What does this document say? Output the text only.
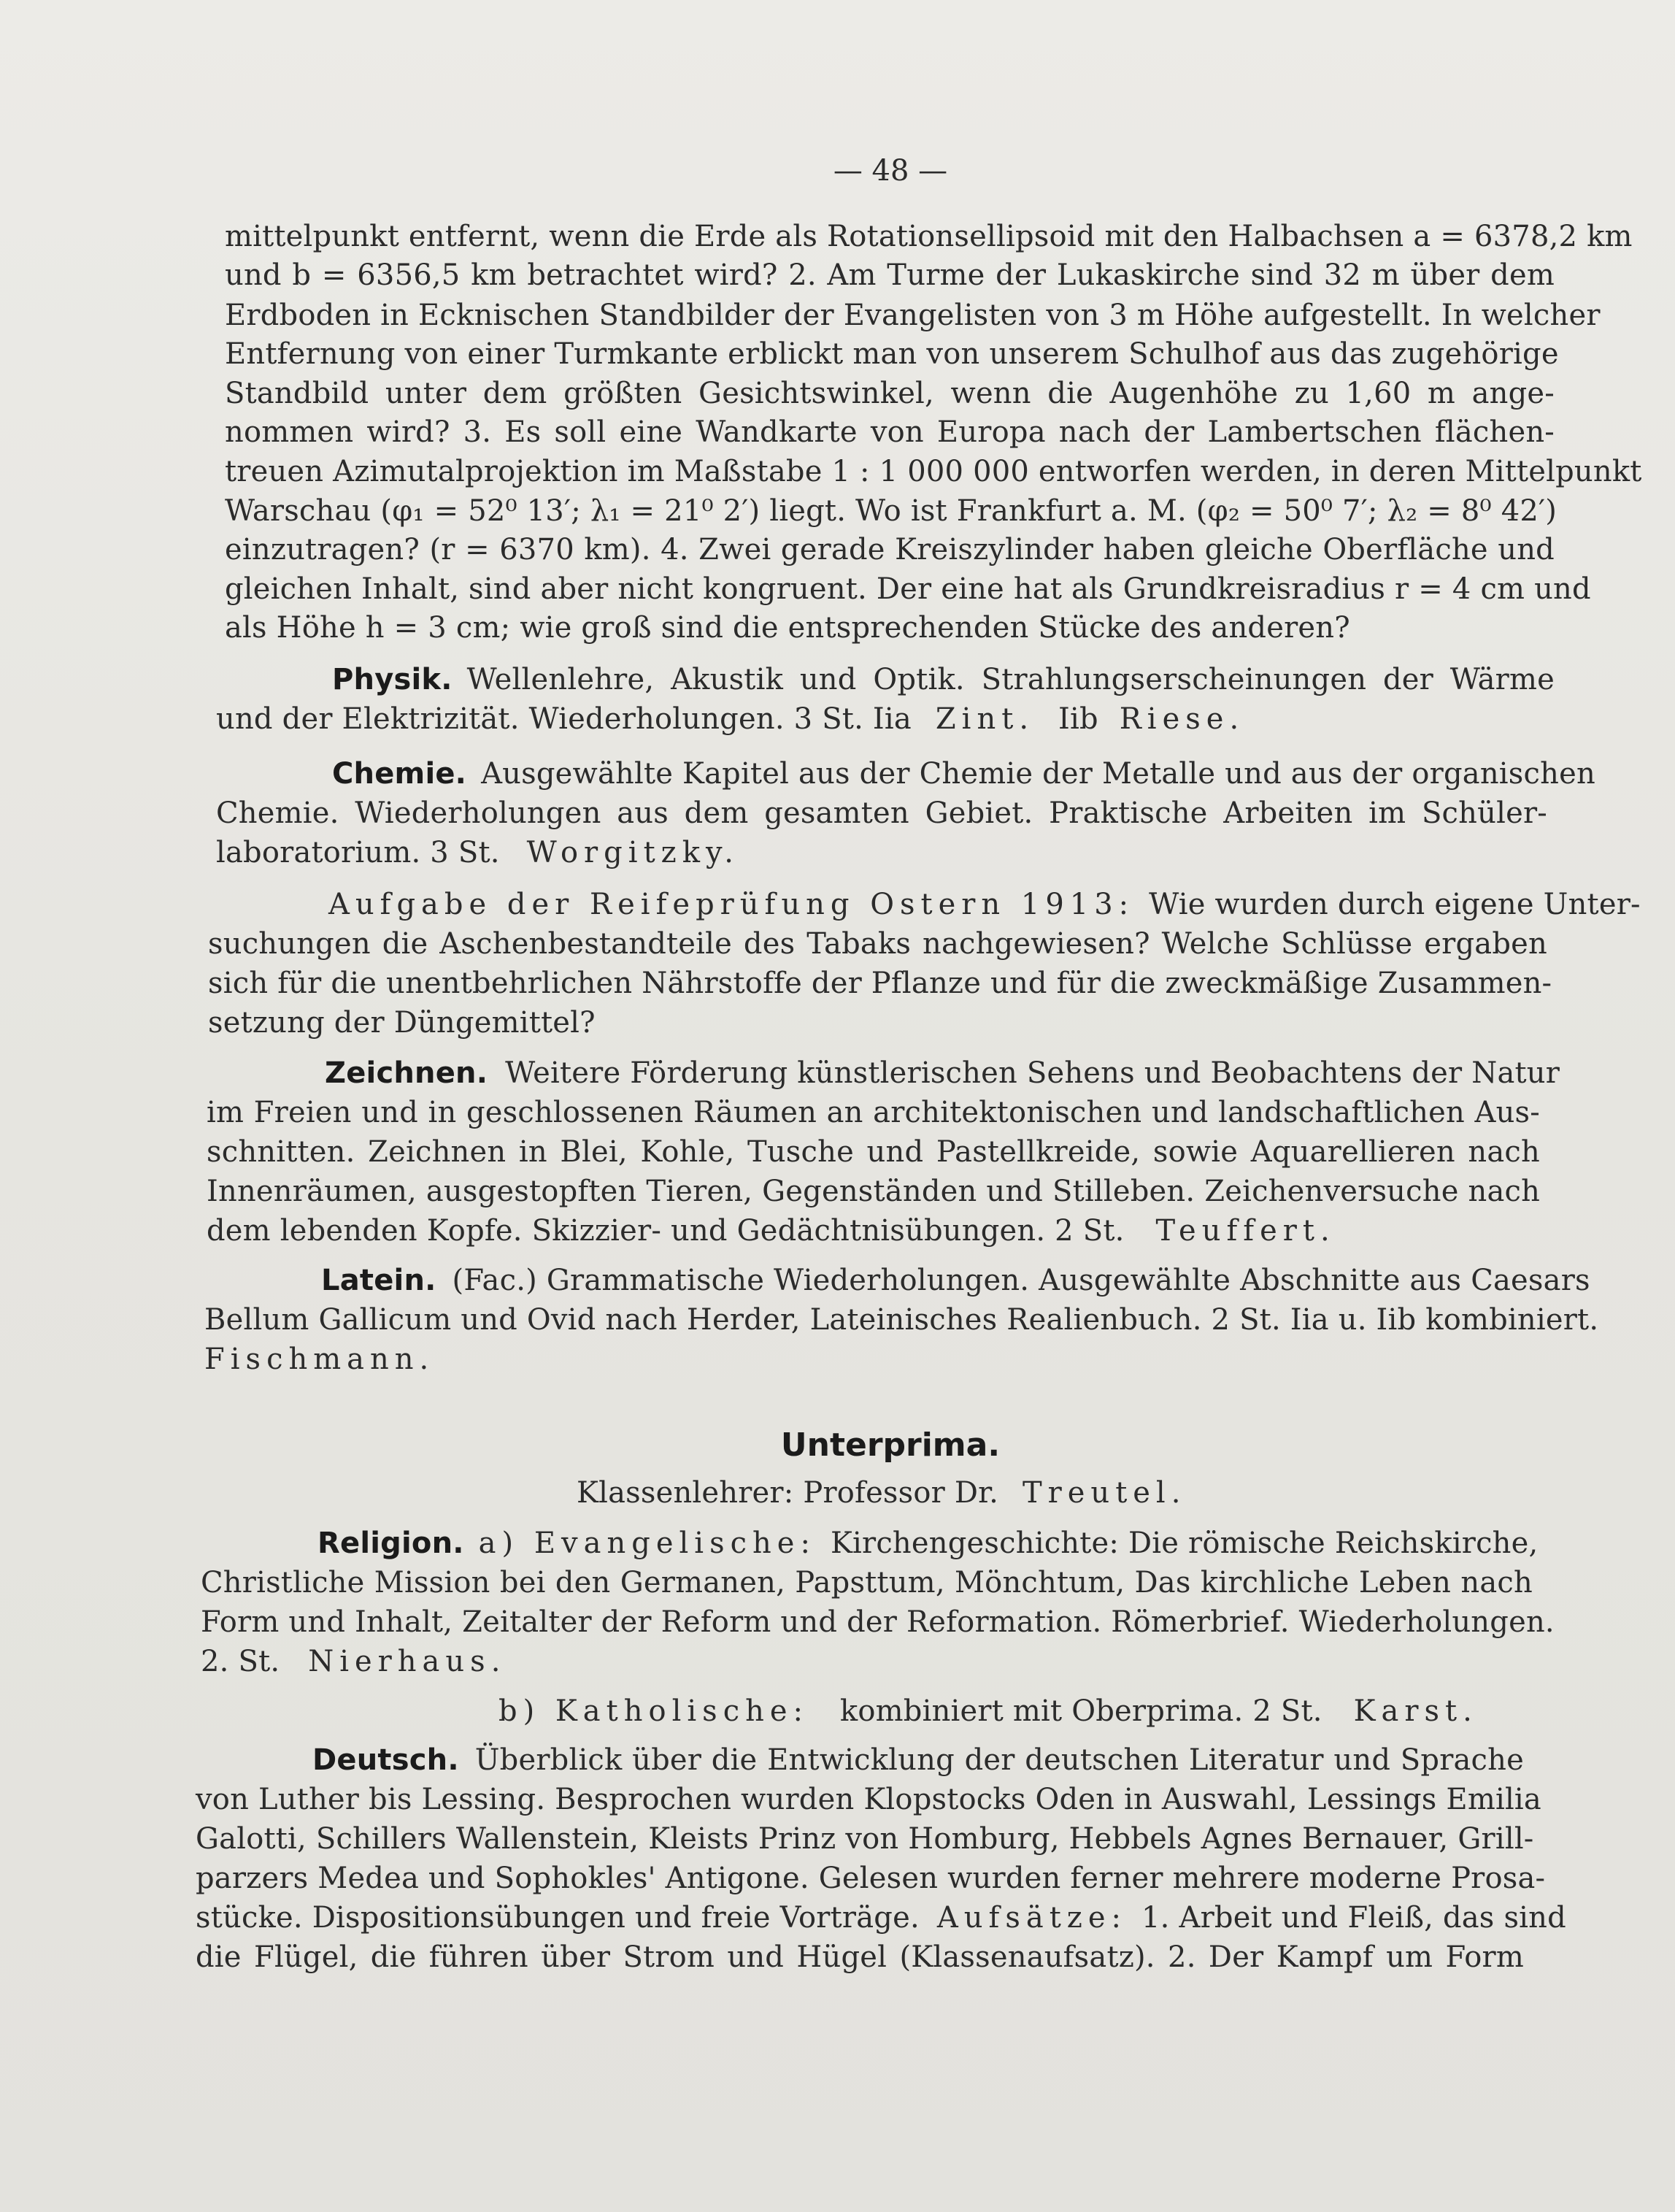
— 48 —
mittelpunkt entfernt, wenn die Erde als Rotationsellipsoid mit den Halbachsen a = 6378,2 km
und b = 6356,5 km betrachtet wird? 2. Am Turme der Lukaskirche sind 32 m über dem
Erdboden in Ecknischen Standbilder der Evangelisten von 3 m Höhe aufgestellt. In welcher
Entfernung von einer Turmkante erblickt man von unserem Schulhof aus das zugehörige
Standbild unter dem größten Gesichtswinkel, wenn die Augenhöhe zu 1,60 m ange-
nommen wird? 3. Es soll eine Wandkarte von Europa nach der Lambertschen flächen-
treuen Azimutalprojektion im Maßstabe 1 : 1 000 000 entworfen werden, in deren Mittelpunkt
Warschau (φ₁ = 52⁰ 13′; λ₁ = 21⁰ 2′) liegt. Wo ist Frankfurt a. M. (φ₂ = 50⁰ 7′; λ₂ = 8⁰ 42′)
einzutragen? (r = 6370 km). 4. Zwei gerade Kreiszylinder haben gleiche Oberfläche und
gleichen Inhalt, sind aber nicht kongruent. Der eine hat als Grundkreisradius r = 4 cm und
als Höhe h = 3 cm; wie groß sind die entsprechenden Stücke des anderen?
Physik. Wellenlehre, Akustik und Optik. Strahlungserscheinungen der Wärme
und der Elektrizität. Wiederholungen. 3 St. Iia Zint. Iib Riese.
Chemie. Ausgewählte Kapitel aus der Chemie der Metalle und aus der organischen
Chemie. Wiederholungen aus dem gesamten Gebiet. Praktische Arbeiten im Schüler-
laboratorium. 3 St. Worgitzky.
Aufgabe der Reifeprüfung Ostern 1913: Wie wurden durch eigene Unter-
suchungen die Aschenbestandteile des Tabaks nachgewiesen? Welche Schlüsse ergaben
sich für die unentbehrlichen Nährstoffe der Pflanze und für die zweckmäßige Zusammen-
setzung der Düngemittel?
Zeichnen. Weitere Förderung künstlerischen Sehens und Beobachtens der Natur
im Freien und in geschlossenen Räumen an architektonischen und landschaftlichen Aus-
schnitten. Zeichnen in Blei, Kohle, Tusche und Pastellkreide, sowie Aquarellieren nach
Innenräumen, ausgestopften Tieren, Gegenständen und Stilleben. Zeichenversuche nach
dem lebenden Kopfe. Skizzier- und Gedächtnisübungen. 2 St. Teuffert.
Latein. (Fac.) Grammatische Wiederholungen. Ausgewählte Abschnitte aus Caesars
Bellum Gallicum und Ovid nach Herder, Lateinisches Realienbuch. 2 St. Iia u. Iib kombiniert.
Fischmann.
Unterprima.
Klassenlehrer: Professor Dr. Treutel.
Religion. a) Evangelische: Kirchengeschichte: Die römische Reichskirche,
Christliche Mission bei den Germanen, Papsttum, Mönchtum, Das kirchliche Leben nach
Form und Inhalt, Zeitalter der Reform und der Reformation. Römerbrief. Wiederholungen.
2. St. Nierhaus.
b) Katholische: kombiniert mit Oberprima. 2 St. Karst.
Deutsch. Überblick über die Entwicklung der deutschen Literatur und Sprache
von Luther bis Lessing. Besprochen wurden Klopstocks Oden in Auswahl, Lessings Emilia
Galotti, Schillers Wallenstein, Kleists Prinz von Homburg, Hebbels Agnes Bernauer, Grill-
parzers Medea und Sophokles' Antigone. Gelesen wurden ferner mehrere moderne Prosa-
stücke. Dispositionsübungen und freie Vorträge. Aufsätze: 1. Arbeit und Fleiß, das sind
die Flügel, die führen über Strom und Hügel (Klassenaufsatz). 2. Der Kampf um Form
